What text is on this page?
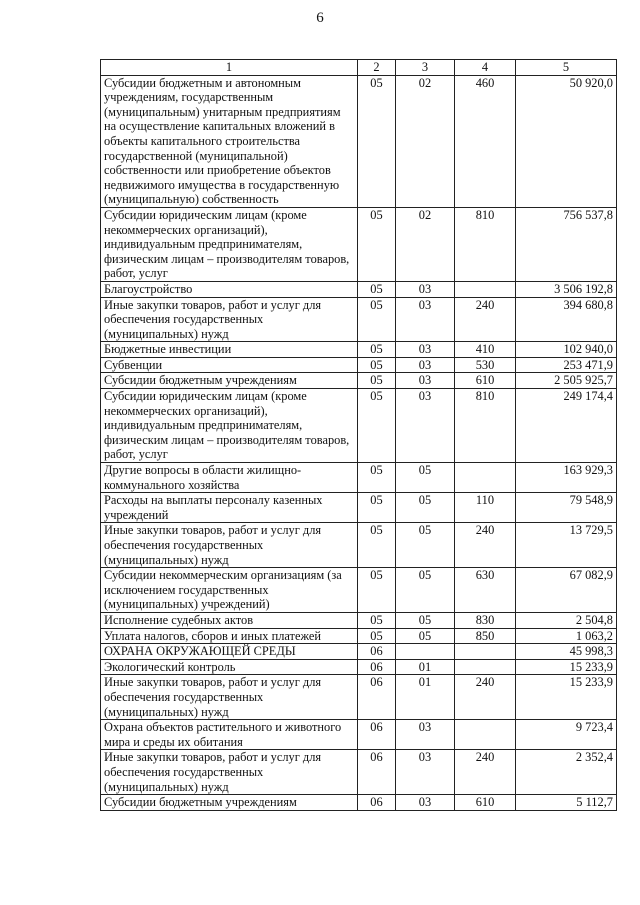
6
1	2	3	4	5
Субсидии бюджетным и автономным учреждениям, государственным (муниципальным) унитарным предприятиям на осуществление капитальных вложений в объекты капитального строительства государственной (муниципальной) собственности или приобретение объектов недвижимого имущества в государственную (муниципальную) собственность	05	02	460	50 920,0
Субсидии юридическим лицам (кроме некоммерческих организаций), индивидуальным предпринимателям, физическим лицам – производителям товаров, работ, услуг	05	02	810	756 537,8
Благоустройство	05	03		3 506 192,8
Иные закупки товаров, работ и услуг для обеспечения государственных (муниципальных) нужд	05	03	240	394 680,8
Бюджетные инвестиции	05	03	410	102 940,0
Субвенции	05	03	530	253 471,9
Субсидии бюджетным учреждениям	05	03	610	2 505 925,7
Субсидии юридическим лицам (кроме некоммерческих организаций), индивидуальным предпринимателям, физическим лицам – производителям товаров, работ, услуг	05	03	810	249 174,4
Другие вопросы в области жилищно-коммунального хозяйства	05	05		163 929,3
Расходы на выплаты персоналу казенных учреждений	05	05	110	79 548,9
Иные закупки товаров, работ и услуг для обеспечения государственных (муниципальных) нужд	05	05	240	13 729,5
Субсидии некоммерческим организациям (за исключением государственных (муниципальных) учреждений)	05	05	630	67 082,9
Исполнение судебных актов	05	05	830	2 504,8
Уплата налогов, сборов и иных платежей	05	05	850	1 063,2
ОХРАНА ОКРУЖАЮЩЕЙ СРЕДЫ	06			45 998,3
Экологический контроль	06	01		15 233,9
Иные закупки товаров, работ и услуг для обеспечения государственных (муниципальных) нужд	06	01	240	15 233,9
Охрана объектов растительного и животного мира и среды их обитания	06	03		9 723,4
Иные закупки товаров, работ и услуг для обеспечения государственных (муниципальных) нужд	06	03	240	2 352,4
Субсидии бюджетным учреждениям	06	03	610	5 112,7
